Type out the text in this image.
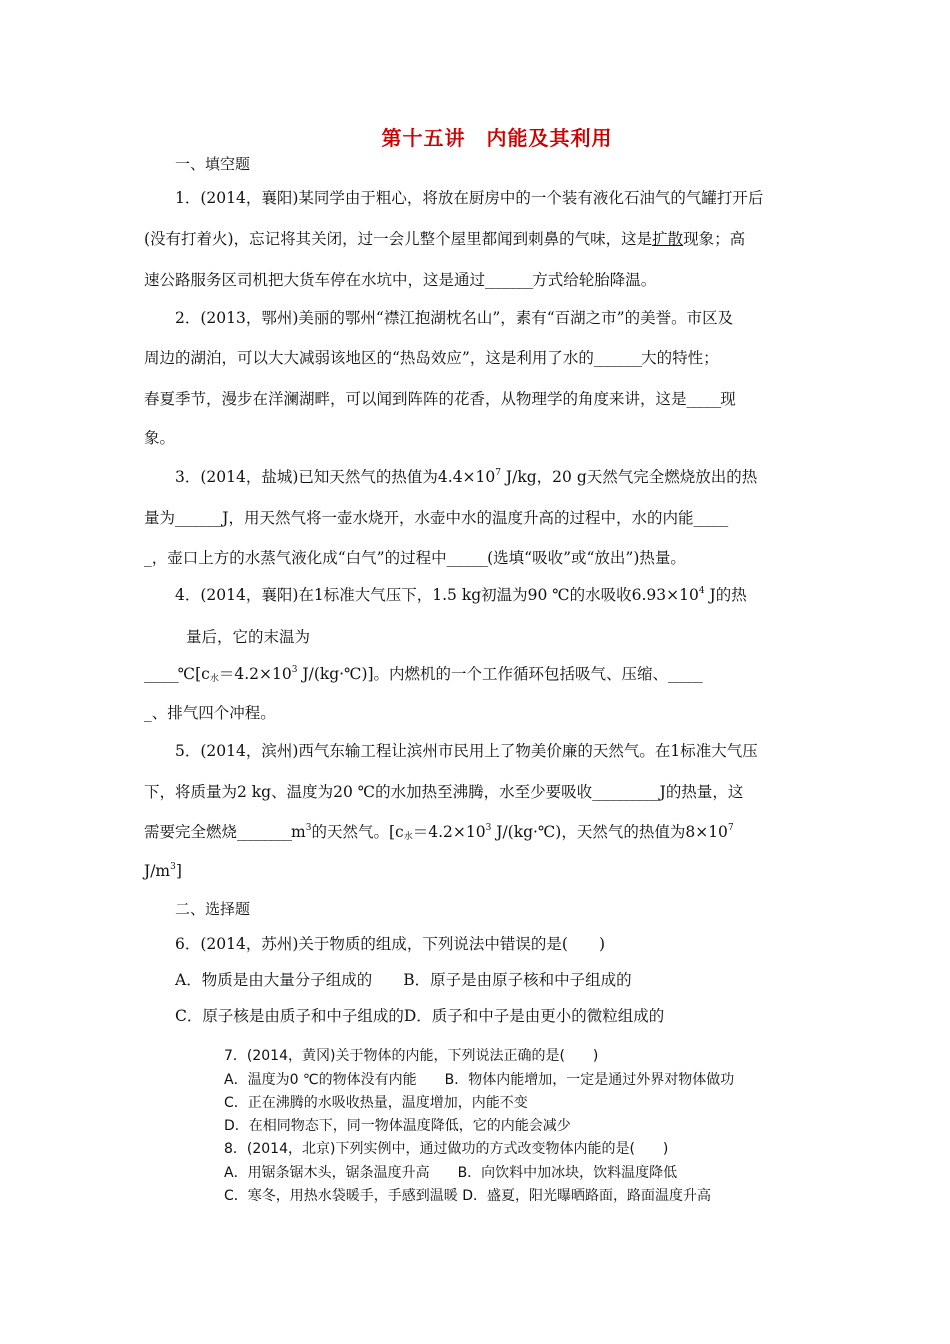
第十五讲　内能及其利用
一、填空题
1．(2014，襄阳)某同学由于粗心，将放在厨房中的一个装有液化石油气的气罐打开后
(没有打着火)，忘记将其关闭，过一会儿整个屋里都闻到刺鼻的气味，这是扩散现象；高
速公路服务区司机把大货车停在水坑中，这是通过_______方式给轮胎降温。
2．(2013，鄂州)美丽的鄂州“襟江抱湖枕名山”，素有“百湖之市”的美誉。市区及
周边的湖泊，可以大大减弱该地区的“热岛效应”，这是利用了水的_______大的特性；
春夏季节，漫步在洋澜湖畔，可以闻到阵阵的花香，从物理学的角度来讲，这是_____现
象。
3．(2014，盐城)已知天然气的热值为$4.4\times 10^7$ J/kg，20 g天然气完全燃烧放出的热
量为_______J，用天然气将一壶水烧开，水壶中水的温度升高的过程中，水的内能_____
_，壶口上方的水蒸气液化成“白气”的过程中______(选填“吸收”或“放出”)热量。
4．(2014，襄阳)在1标准大气压下，1.5 kg初温为90 ℃的水吸收$6.93\times 10^4$ J的热
量后，它的末温为
$\_\_\_\_\_℃[c_水=4.2\times 10^3$ J/(kg·℃)]。内燃机的一个工作循环包括吸气、压缩、_____
_、排气四个冲程。
5．(2014，滨州)西气东输工程让滨州市民用上了物美价廉的天然气。在1标准大气压
下，将质量为2 kg、温度为20 ℃的水加热至沸腾，水至少要吸收__________J的热量，这
需要完全燃烧$\_\_\_\_\_\_\_\_m^3$的天然气。[$c_水=4.2\times 10^3$ J/(kg·℃)，天然气的热值为$8\times 10^7$
$J/m^3$]
二、选择题
6．(2014，苏州)关于物质的组成，下列说法中错误的是(　　)
A．物质是由大量分子组成的　　B．原子是由原子核和中子组成的
C．原子核是由质子和中子组成的D．质子和中子是由更小的微粒组成的
7．(2014，黄冈)关于物体的内能，下列说法正确的是(　　)
A．温度为0 ℃的物体没有内能　　B．物体内能增加，一定是通过外界对物体做功
C．正在沸腾的水吸收热量，温度增加，内能不变
D．在相同物态下，同一物体温度降低，它的内能会减少
8．(2014，北京)下列实例中，通过做功的方式改变物体内能的是(　　)
A．用锯条锯木头，锯条温度升高　　B．向饮料中加冰块，饮料温度降低
C．寒冬，用热水袋暖手，手感到温暖 D．盛夏，阳光曝晒路面，路面温度升高
